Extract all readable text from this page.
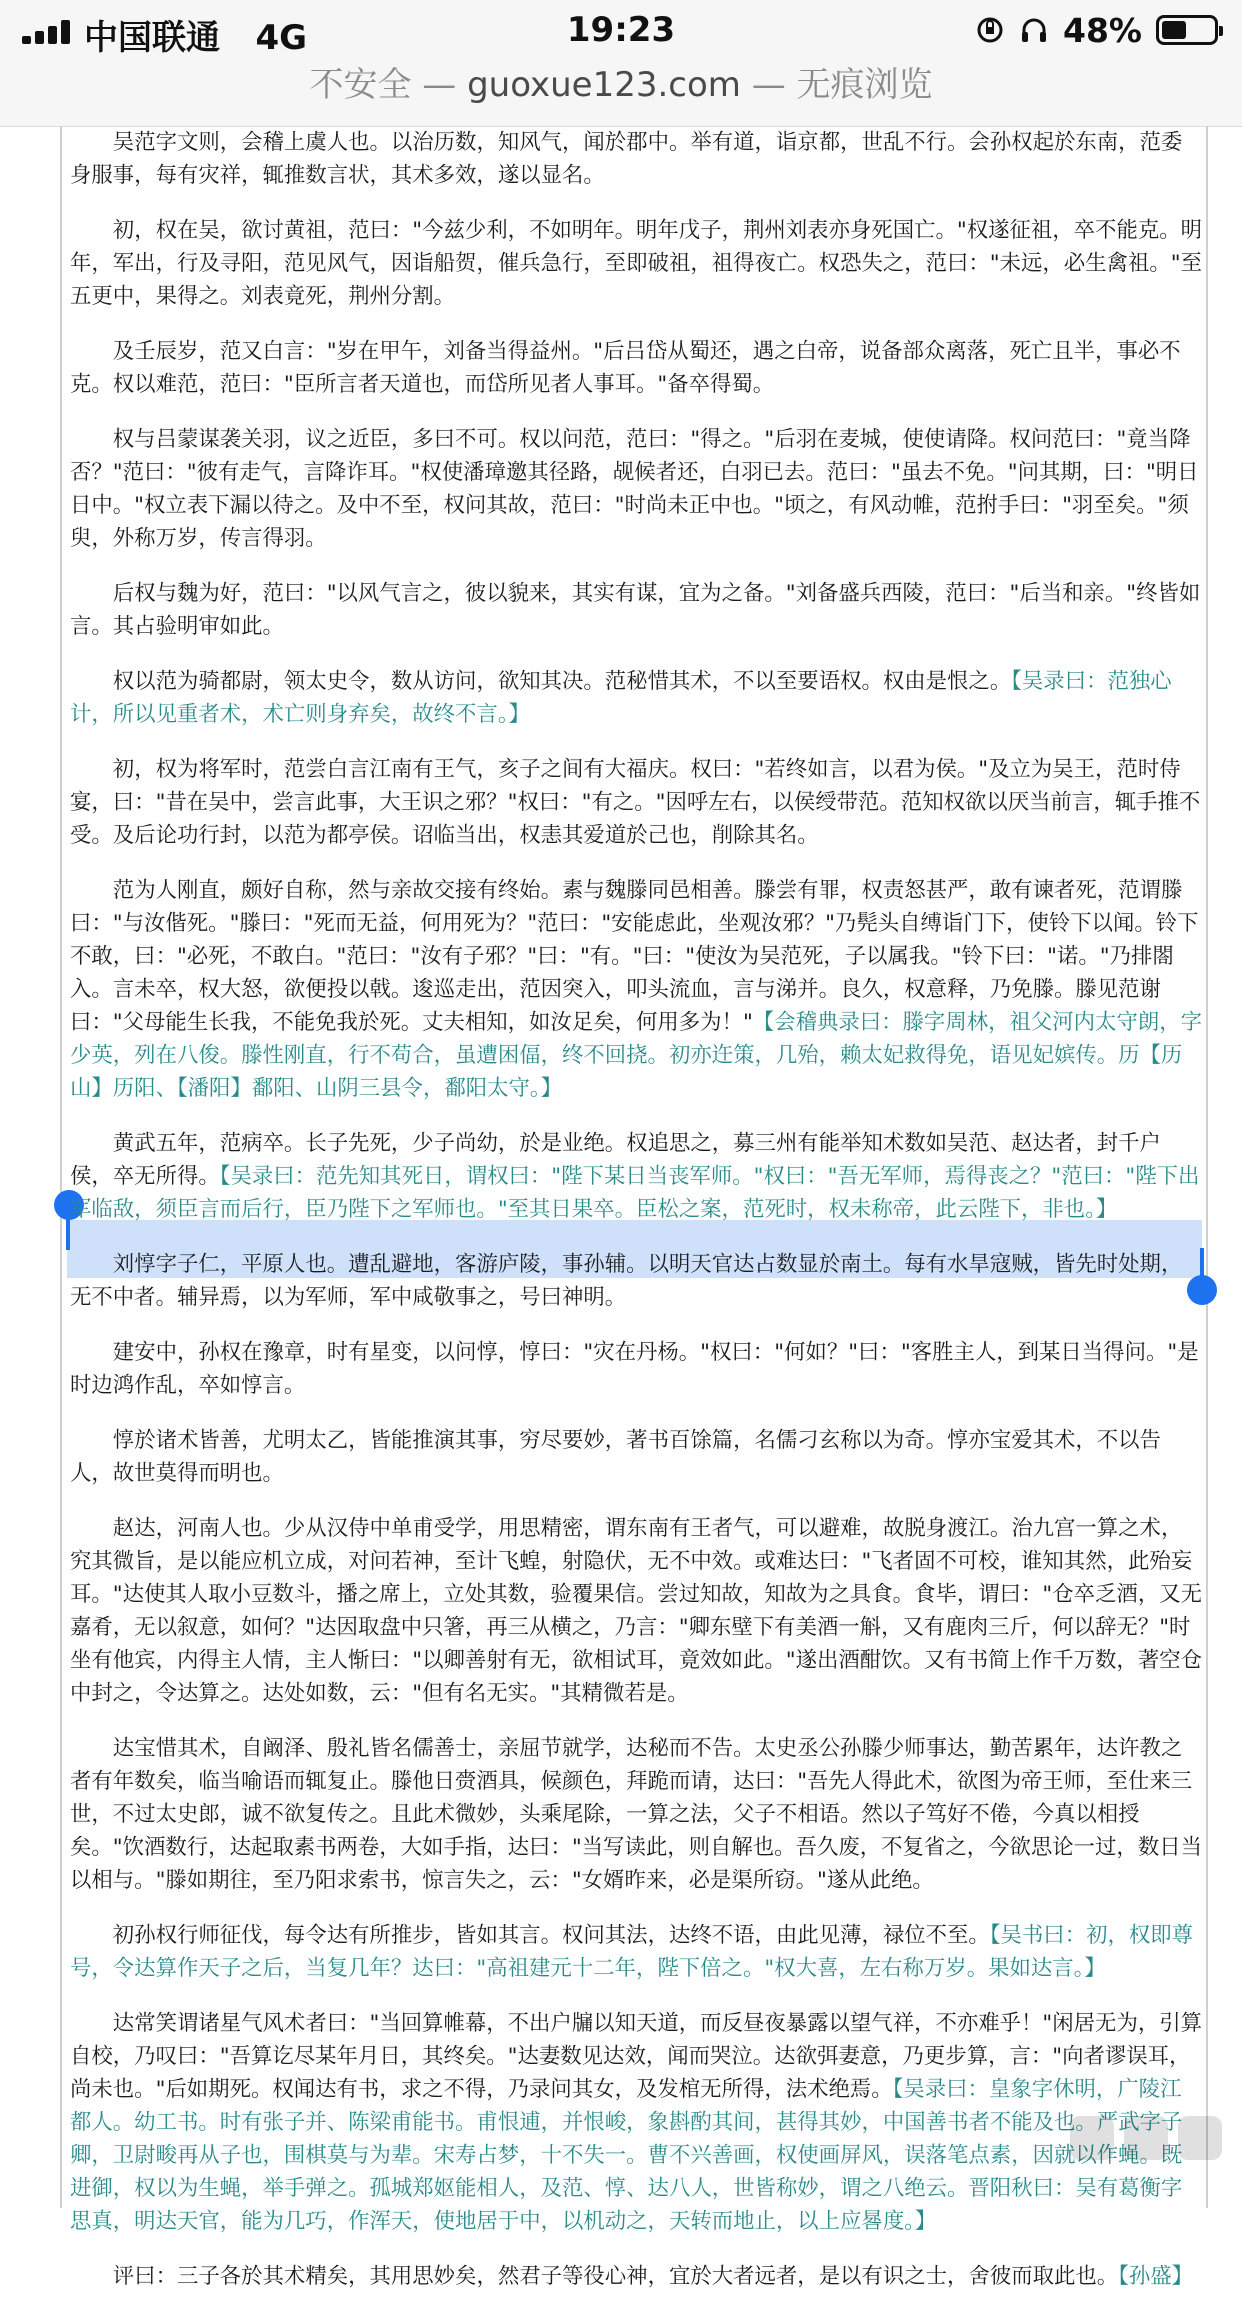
中国联通 4G	19:23	48%
不安全 — guoxue123.com — 无痕浏览

吴范字文则，会稽上虞人也。以治历数，知风气，闻於郡中。举有道，诣京都，世乱不行。会孙权起於东南，范委身服事，每有灾祥，辄推数言状，其术多效，遂以显名。

初，权在吴，欲讨黄祖，范曰："今兹少利，不如明年。明年戊子，荆州刘表亦身死国亡。"权遂征祖，卒不能克。明年，军出，行及寻阳，范见风气，因诣船贺，催兵急行，至即破祖，祖得夜亡。权恐失之，范曰："未远，必生禽祖。"至五更中，果得之。刘表竟死，荆州分割。

及壬辰岁，范又白言："岁在甲午，刘备当得益州。"后吕岱从蜀还，遇之白帝，说备部众离落，死亡且半，事必不克。权以难范，范曰："臣所言者天道也，而岱所见者人事耳。"备卒得蜀。

权与吕蒙谋袭关羽，议之近臣，多曰不可。权以问范，范曰："得之。"后羽在麦城，使使请降。权问范曰："竟当降否？"范曰："彼有走气，言降诈耳。"权使潘璋邀其径路，觇候者还，白羽已去。范曰："虽去不免。"问其期，曰："明日日中。"权立表下漏以待之。及中不至，权问其故，范曰："时尚未正中也。"顷之，有风动帷，范拊手曰："羽至矣。"须臾，外称万岁，传言得羽。

后权与魏为好，范曰："以风气言之，彼以貌来，其实有谋，宜为之备。"刘备盛兵西陵，范曰："后当和亲。"终皆如言。其占验明审如此。

权以范为骑都尉，领太史令，数从访问，欲知其决。范秘惜其术，不以至要语权。权由是恨之。【吴录曰：范独心计，所以见重者术，术亡则身弃矣，故终不言。】

初，权为将军时，范尝白言江南有王气，亥子之间有大福庆。权曰："若终如言，以君为侯。"及立为吴王，范时侍宴，曰："昔在吴中，尝言此事，大王识之邪？"权曰："有之。"因呼左右，以侯绶带范。范知权欲以厌当前言，辄手推不受。及后论功行封，以范为都亭侯。诏临当出，权恚其爱道於己也，削除其名。

范为人刚直，颇好自称，然与亲故交接有终始。素与魏滕同邑相善。滕尝有罪，权责怒甚严，敢有谏者死，范谓滕曰："与汝偕死。"滕曰："死而无益，何用死为？"范曰："安能虑此，坐观汝邪？"乃髡头自缚诣门下，使铃下以闻。铃下不敢，曰："必死，不敢白。"范曰："汝有子邪？"曰："有。"曰："使汝为吴范死，子以属我。"铃下曰："诺。"乃排閤入。言未卒，权大怒，欲便投以戟。逡巡走出，范因突入，叩头流血，言与涕并。良久，权意释，乃免滕。滕见范谢曰："父母能生长我，不能免我於死。丈夫相知，如汝足矣，何用多为！"【会稽典录曰：滕字周林，祖父河内太守朗，字少英，列在八俊。滕性刚直，行不苟合，虽遭困偪，终不回挠。初亦迕策，几殆，赖太妃救得免，语见妃嫔传。历【历山】历阳、【潘阳】鄱阳、山阴三县令，鄱阳太守。】

黄武五年，范病卒。长子先死，少子尚幼，於是业绝。权追思之，募三州有能举知术数如吴范、赵达者，封千户侯，卒无所得。【吴录曰：范先知其死日，谓权曰："陛下某日当丧军师。"权曰："吾无军师，焉得丧之？"范曰："陛下出军临敌，须臣言而后行，臣乃陛下之军师也。"至其日果卒。臣松之案，范死时，权未称帝，此云陛下，非也。】

刘惇字子仁，平原人也。遭乱避地，客游庐陵，事孙辅。以明天官达占数显於南土。每有水旱寇贼，皆先时处期，无不中者。辅异焉，以为军师，军中咸敬事之，号曰神明。

建安中，孙权在豫章，时有星变，以问惇，惇曰："灾在丹杨。"权曰："何如？"曰："客胜主人，到某日当得问。"是时边鸿作乱，卒如惇言。

惇於诸术皆善，尤明太乙，皆能推演其事，穷尽要妙，著书百馀篇，名儒刁玄称以为奇。惇亦宝爱其术，不以告人，故世莫得而明也。

赵达，河南人也。少从汉侍中单甫受学，用思精密，谓东南有王者气，可以避难，故脱身渡江。治九宫一算之术，究其微旨，是以能应机立成，对问若神，至计飞蝗，射隐伏，无不中效。或难达曰："飞者固不可校，谁知其然，此殆妄耳。"达使其人取小豆数斗，播之席上，立处其数，验覆果信。尝过知故，知故为之具食。食毕，谓曰："仓卒乏酒，又无嘉肴，无以叙意，如何？"达因取盘中只箸，再三从横之，乃言："卿东壁下有美酒一斛，又有鹿肉三斤，何以辞无？"时坐有他宾，内得主人情，主人惭曰："以卿善射有无，欲相试耳，竟效如此。"遂出酒酣饮。又有书简上作千万数，著空仓中封之，令达算之。达处如数，云："但有名无实。"其精微若是。

达宝惜其术，自阚泽、殷礼皆名儒善士，亲屈节就学，达秘而不告。太史丞公孙滕少师事达，勤苦累年，达许教之者有年数矣，临当喻语而辄复止。滕他日赍酒具，候颜色，拜跪而请，达曰："吾先人得此术，欲图为帝王师，至仕来三世，不过太史郎，诚不欲复传之。且此术微妙，头乘尾除，一算之法，父子不相语。然以子笃好不倦，今真以相授矣。"饮酒数行，达起取素书两卷，大如手指，达曰："当写读此，则自解也。吾久废，不复省之，今欲思论一过，数日当以相与。"滕如期往，至乃阳求索书，惊言失之，云："女婿昨来，必是渠所窃。"遂从此绝。

初孙权行师征伐，每令达有所推步，皆如其言。权问其法，达终不语，由此见薄，禄位不至。【吴书曰：初，权即尊号，令达算作天子之后，当复几年？达曰："高祖建元十二年，陛下倍之。"权大喜，左右称万岁。果如达言。】

达常笑谓诸星气风术者曰："当回算帷幕，不出户牖以知天道，而反昼夜暴露以望气祥，不亦难乎！"闲居无为，引算自校，乃叹曰："吾算讫尽某年月日，其终矣。"达妻数见达效，闻而哭泣。达欲弭妻意，乃更步算，言："向者谬误耳，尚未也。"后如期死。权闻达有书，求之不得，乃录问其女，及发棺无所得，法术绝焉。【吴录曰：皇象字休明，广陵江都人。幼工书。时有张子并、陈梁甫能书。甫恨逋，并恨峻，象斟酌其间，甚得其妙，中国善书者不能及也。严武字子卿，卫尉畯再从子也，围棋莫与为辈。宋寿占梦，十不失一。曹不兴善画，权使画屏风，误落笔点素，因就以作蝇。既进御，权以为生蝇，举手弹之。孤城郑妪能相人，及范、惇、达八人，世皆称妙，谓之八绝云。晋阳秋曰：吴有葛衡字思真，明达天官，能为几巧，作浑天，使地居于中，以机动之，天转而地止，以上应晷度。】

评曰：三子各於其术精矣，其用思妙矣，然君子等役心神，宜於大者远者，是以有识之士，舍彼而取此也。【孙盛】
